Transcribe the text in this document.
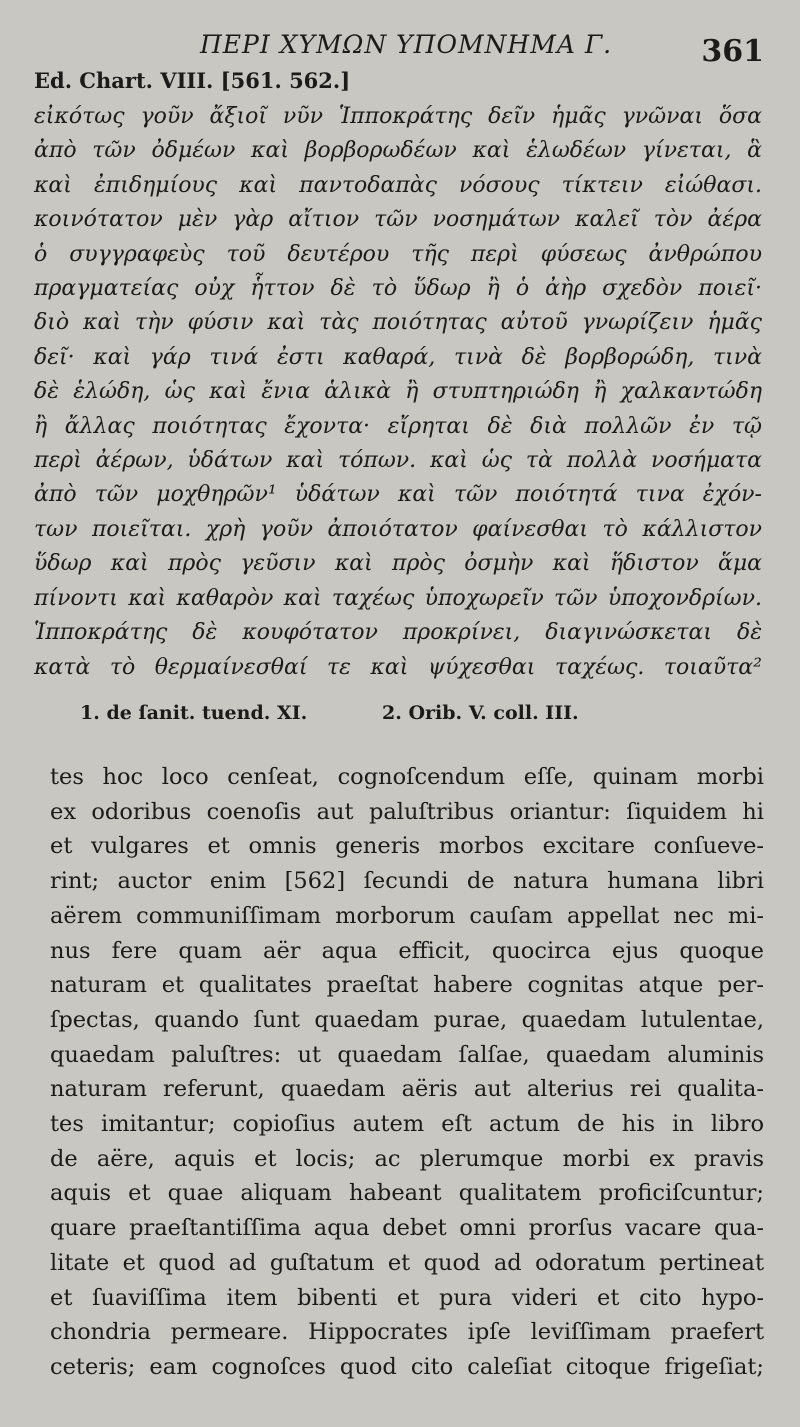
ΠΕΡΙ ΧΥΜΩΝ ΥΠΟΜΝΗΜΑ Γ.	361
Ed. Chart. VIII. [561. 562.]
εἰκότως γοῦν ἄξιοῖ νῦν Ἱπποκράτης δεῖν ἡμᾶς γνῶναι ὅσα
ἀπὸ τῶν ὀδμέων καὶ βορβορωδέων καὶ ἑλωδέων γίνεται, ἃ
καὶ ἐπιδημίους καὶ παντοδαπὰς νόσους τίκτειν εἰώθασι.
κοινότατον μὲν γὰρ αἴτιον τῶν νοσημάτων καλεῖ τὸν ἀέρα
ὁ συγγραφεὺς τοῦ δευτέρου τῆς περὶ φύσεως ἀνθρώπου
πραγματείας οὐχ ἧττον δὲ τὸ ὕδωρ ἢ ὁ ἀὴρ σχεδὸν ποιεῖ·
διὸ καὶ τὴν φύσιν καὶ τὰς ποιότητας αὐτοῦ γνωρίζειν ἡμᾶς
δεῖ· καὶ γάρ τινά ἐστι καθαρά, τινὰ δὲ βορβορώδη, τινὰ
δὲ ἑλώδη, ὡς καὶ ἔνια ἁλικὰ ἢ στυπτηριώδη ἢ χαλκαντώδη
ἢ ἄλλας ποιότητας ἔχοντα· εἴρηται δὲ διὰ πολλῶν ἐν τῷ
περὶ ἀέρων, ὑδάτων καὶ τόπων. καὶ ὡς τὰ πολλὰ νοσήματα
ἀπὸ τῶν μοχθηρῶν¹ ὑδάτων καὶ τῶν ποιότητά τινα ἐχόν-
των ποιεῖται. χρὴ γοῦν ἀποιότατον φαίνεσθαι τὸ κάλλιστον
ὕδωρ καὶ πρὸς γεῦσιν καὶ πρὸς ὀσμὴν καὶ ἥδιστον ἅμα
πίνοντι καὶ καθαρὸν καὶ ταχέως ὑποχωρεῖν τῶν ὑποχονδρίων.
Ἱπποκράτης δὲ κουφότατον προκρίνει, διαγινώσκεται δὲ
κατὰ τὸ θερμαίνεσθαί τε καὶ ψύχεσθαι ταχέως. τοιαῦτα²
1. de ſanit. tuend. XI.	2. Orib. V. coll. III.
tes hoc loco cenſeat, cognoſcendum eſſe, quinam morbi
ex odoribus coenoſis aut paluſtribus oriantur: ſiquidem hi
et vulgares et omnis generis morbos excitare conſueve-
rint; auctor enim [562] ſecundi de natura humana libri
aërem communiſſimam morborum cauſam appellat nec mi-
nus fere quam aër aqua efficit, quocirca ejus quoque
naturam et qualitates praeſtat habere cognitas atque per-
ſpectas, quando ſunt quaedam purae, quaedam lutulentae,
quaedam paluſtres: ut quaedam ſalſae, quaedam aluminis
naturam referunt, quaedam aëris aut alterius rei qualita-
tes imitantur; copioſius autem eſt actum de his in libro
de aëre, aquis et locis; ac plerumque morbi ex pravis
aquis et quae aliquam habeant qualitatem proficiſcuntur;
quare praeſtantiſſima aqua debet omni prorſus vacare qua-
litate et quod ad guſtatum et quod ad odoratum pertineat
et ſuaviſſima item bibenti et pura videri et cito hypo-
chondria permeare. Hippocrates ipſe leviſſimam praefert
ceteris; eam cognoſces quod cito caleſiat citoque frigeſiat;
